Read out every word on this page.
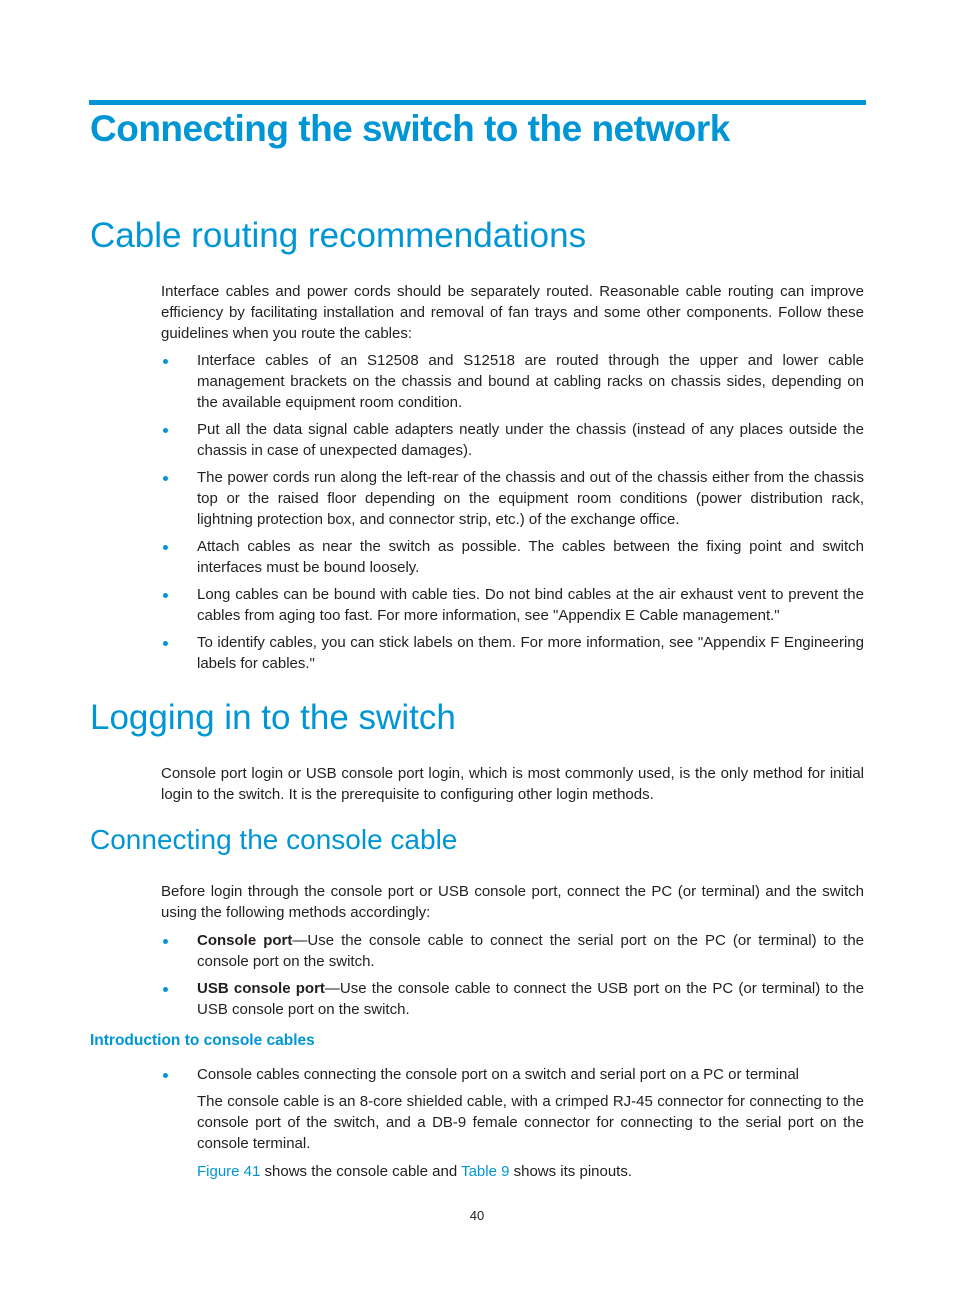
Connecting the switch to the network
Cable routing recommendations

Interface cables and power cords should be separately routed. Reasonable cable routing can improve efficiency by facilitating installation and removal of fan trays and some other components. Follow these guidelines when you route the cables:

Interface cables of an S12508 and S12518 are routed through the upper and lower cable management brackets on the chassis and bound at cabling racks on chassis sides, depending on the available equipment room condition.
Put all the data signal cable adapters neatly under the chassis (instead of any places outside the chassis in case of unexpected damages).
The power cords run along the left-rear of the chassis and out of the chassis either from the chassis top or the raised floor depending on the equipment room conditions (power distribution rack, lightning protection box, and connector strip, etc.) of the exchange office.
Attach cables as near the switch as possible. The cables between the fixing point and switch interfaces must be bound loosely.
Long cables can be bound with cable ties. Do not bind cables at the air exhaust vent to prevent the cables from aging too fast. For more information, see "Appendix E Cable management."
To identify cables, you can stick labels on them. For more information, see "Appendix F Engineering labels for cables."
Logging in to the switch

Console port login or USB console port login, which is most commonly used, is the only method for initial login to the switch. It is the prerequisite to configuring other login methods.

Connecting the console cable

Before login through the console port or USB console port, connect the PC (or terminal) and the switch using the following methods accordingly:

Console port—Use the console cable to connect the serial port on the PC (or terminal) to the console port on the switch.
USB console port—Use the console cable to connect the USB port on the PC (or terminal) to the USB console port on the switch.
Introduction to console cables
Console cables connecting the console port on a switch and serial port on a PC or terminal

The console cable is an 8-core shielded cable, with a crimped RJ-45 connector for connecting to the console port of the switch, and a DB-9 female connector for connecting to the serial port on the console terminal.

Figure 41 shows the console cable and Table 9 shows its pinouts.

40
